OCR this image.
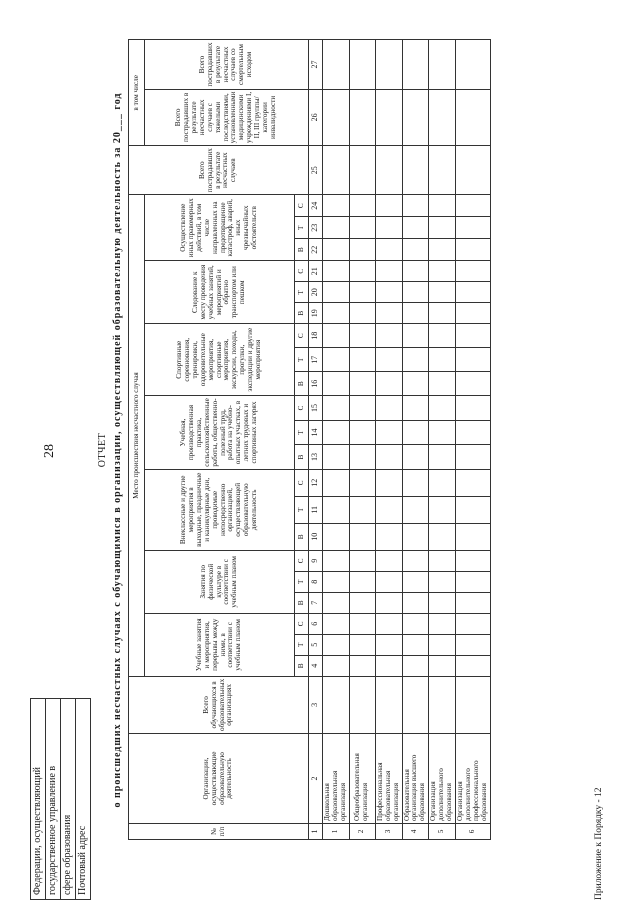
Федерации, осуществляющий государственное управление в сфере образования Почтовый адрес
28	ОТЧЕТ о происшедших несчастных случаях с обучающимися в организации, осуществляющей образовательную деятельность за 20___ год
№ п/п	Организации, осуществляющие образовательную деятельность	Всего обучающихся в образовательных организациях	Место происшествия несчастного случая																					Всего пострадавших в результате несчастных случаев	в том числе	
			Учебные занятия и мероприятия, перерывы между ними, в соответствии с учебным планом			Занятия по физической культуре в соответствии с учебным планом			Внеклассные и другие мероприятия в выходные, праздничные и каникулярные дни, проводимые непосредственно организацией, осуществляющей образовательную деятельность			Учебная, производственная практика, сельскохозяйственные работы, общественно-полезный труд, работа на учебно-опытных участках, в летних трудовых и спортивных лагерях			Спортивные соревнования, тренировки, оздоровительные мероприятия, спортивные мероприятия, экскурсии, походы, прогулки, экспедиции и другие мероприятия			Следование к месту проведения учебных занятий, мероприятий и обратно транспортом или пешком			Осуществление иных правомерных действий, в том числе направленных на предотвращение катастроф, аварий, иных чрезвычайных обстоятельств				Всего пострадавших в результате несчастных случаев с тяжелыми последствиями, установленными медицинскими учреждениями I, II, III группы/категории инвалидности	Всего пострадавших в результате несчастных случаев со смертельным исходом
			В	Т	С	В	Т	С	В	Т	С	В	Т	С	В	Т	С	В	Т	С	В	Т	С			
1	2	3	4	5	6	7	8	9	10	11	12	13	14	15	16	17	18	19	20	21	22	23	24	25	26	27
1	Дошкольная образовательная организация																									
2	Общеобразовательная организация																									
3	Профессиональная образовательная организация																									
4	Образовательная организация высшего образования																									
5	Организация дополнительного образования																									
6	Организация дополнительного профессионального образования																										Приложение к Порядку - 12
